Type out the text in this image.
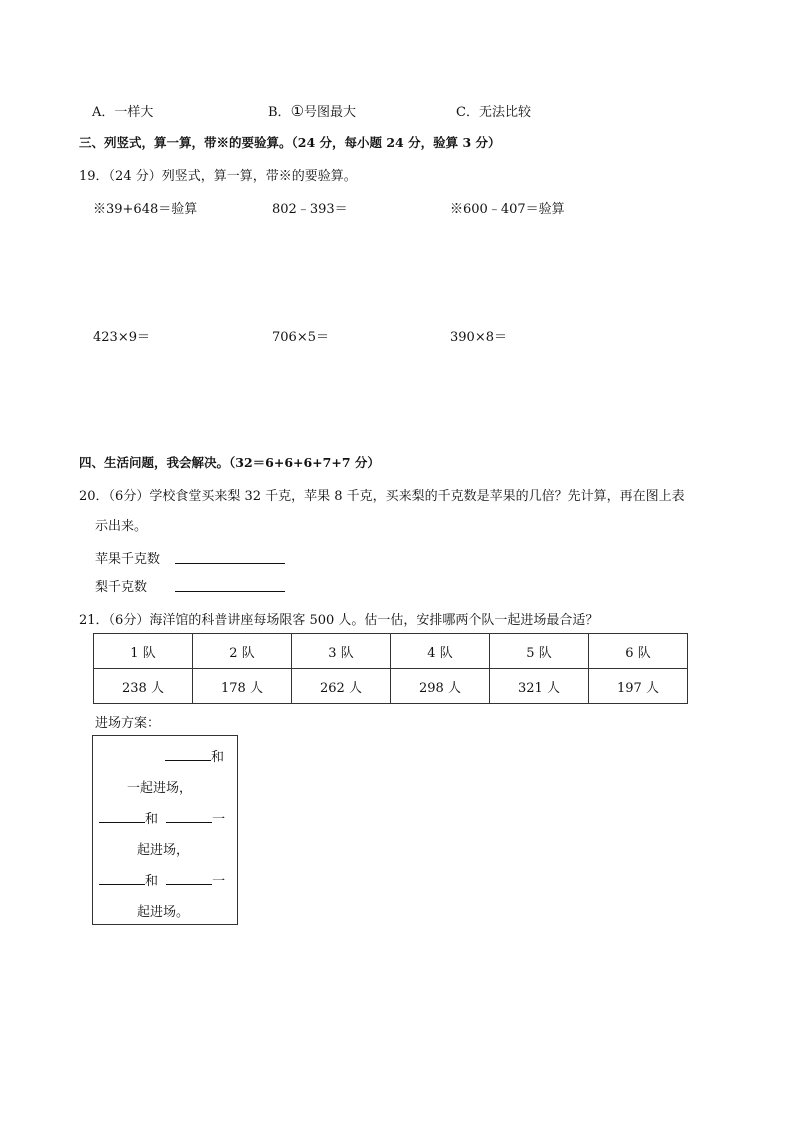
A．一样大	B．①号图最大	C．无法比较
三、列竖式，算一算，带※的要验算。（24 分，每小题 24 分，验算 3 分）
19．（24 分）列竖式，算一算，带※的要验算。
※39+648＝验算	802﹣393＝	※600﹣407＝验算
423×9＝	706×5＝	390×8＝
四、生活问题，我会解决。（32＝6+6+6+7+7 分）
20．（6分）学校食堂买来梨 32 千克，苹果 8 千克，买来梨的千克数是苹果的几倍？先计算，再在图上表
示出来。
苹果千克数
梨千克数
21．（6分）海洋馆的科普讲座每场限客 500 人。估一估，安排哪两个队一起进场最合适？
1 队	2 队	3 队	4 队	5 队	6 队
238 人	178 人	262 人	298 人	321 人	197 人
进场方案：
和
一起进场，
和	一
起进场，
和	一
起进场。
